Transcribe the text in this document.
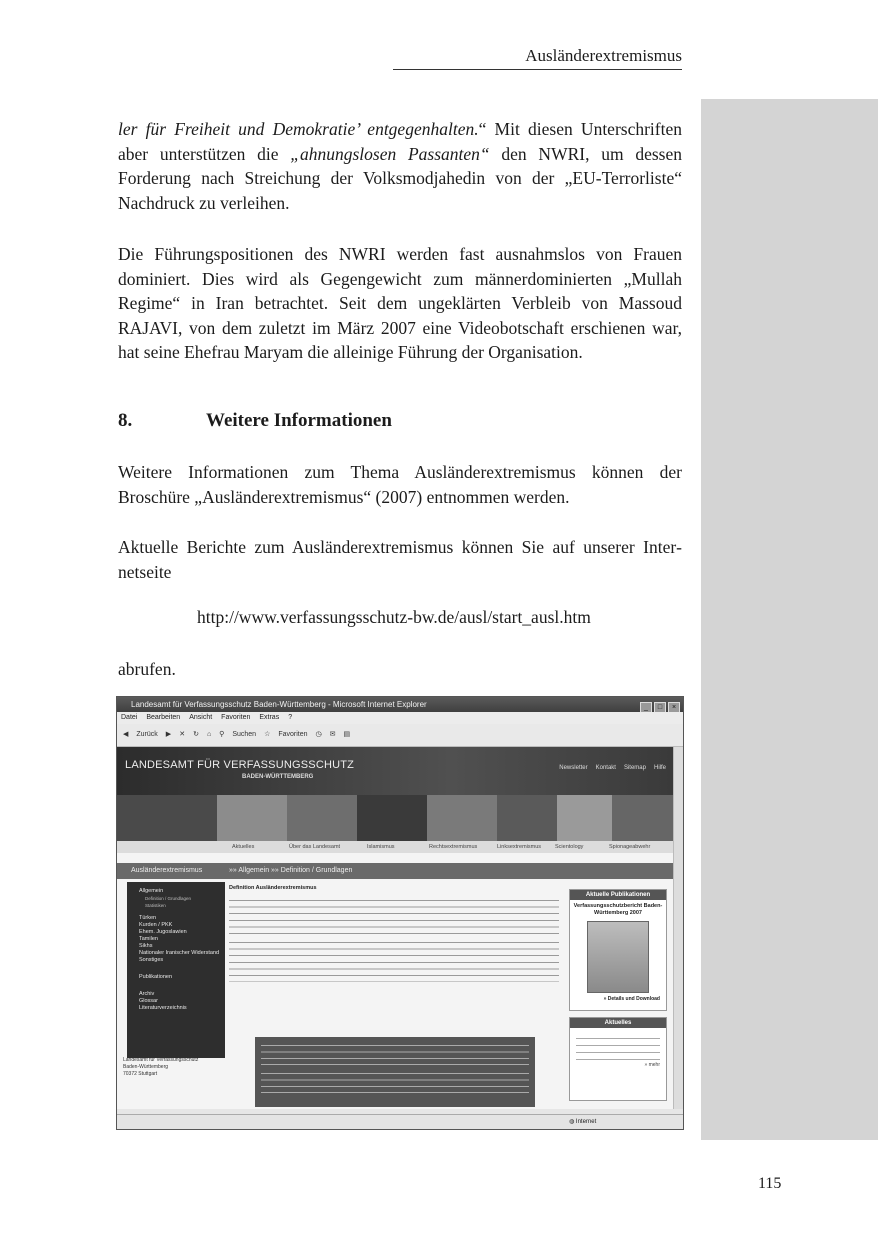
Ausländerextremismus

ler für Freiheit und Demokratie’ entgegenhalten.“ Mit diesen Unterschriften aber unterstützen die „ahnungslosen Passanten“ den NWRI, um dessen Forderung nach Streichung der Volksmodjahedin von der „EU-Terrorliste“ Nachdruck zu verleihen.

Die Führungspositionen des NWRI werden fast ausnahmslos von Frauen dominiert. Dies wird als Gegengewicht zum männerdominierten „Mullah Regime“ in Iran betrachtet. Seit dem ungeklärten Verbleib von Massoud RAJAVI, von dem zuletzt im März 2007 eine Videobotschaft erschienen war, hat seine Ehefrau Maryam die alleinige Führung der Organisation.

8.	Weitere Informationen

Weitere Informationen zum Thema Ausländerextremismus können der Broschüre „Ausländerextremismus“ (2007) entnommen werden.

Aktuelle Berichte zum Ausländerextremismus können Sie auf unserer Internetseite

http://www.verfassungsschutz-bw.de/ausl/start_ausl.htm

abrufen.

Landesamt für Verfassungsschutz Baden-Württemberg - Microsoft Internet Explorer	_ □ ×
Datei Bearbeiten Ansicht Favoriten Extras ?
◀ Zurück ▶ ✕ ↻ ⌂ ⚲ Suchen ☆ Favoriten ◷ ✉ ▤
LANDESAMT FÜR VERFASSUNGSSCHUTZ
BADEN-WÜRTTEMBERG
Newsletter Kontakt Sitemap Hilfe
Aktuelles	Über das Landesamt	Islamismus	Rechtsextremismus	Linksextremismus	Scientology	Spionageabwehr
Ausländerextremismus	»» Allgemein »» Definition / Grundlagen
Allgemein
Definition / Grundlagen
Statistiken
Türken
Kurden / PKK
Ehem. Jugoslawien
Tamilen
Sikhs
Nationaler Iranischer Widerstand
Sonstiges
Publikationen
Archiv
Glossar
Literaturverzeichnis
Landesamt für Verfassungsschutz
Baden-Württemberg
70372 Stuttgart
Definition Ausländerextremismus

Aktuelle Publikationen
Verfassungsschutzbericht Baden-Württemberg 2007
» Details und Download
Aktuelles
» mehr
◍ Internet
115
